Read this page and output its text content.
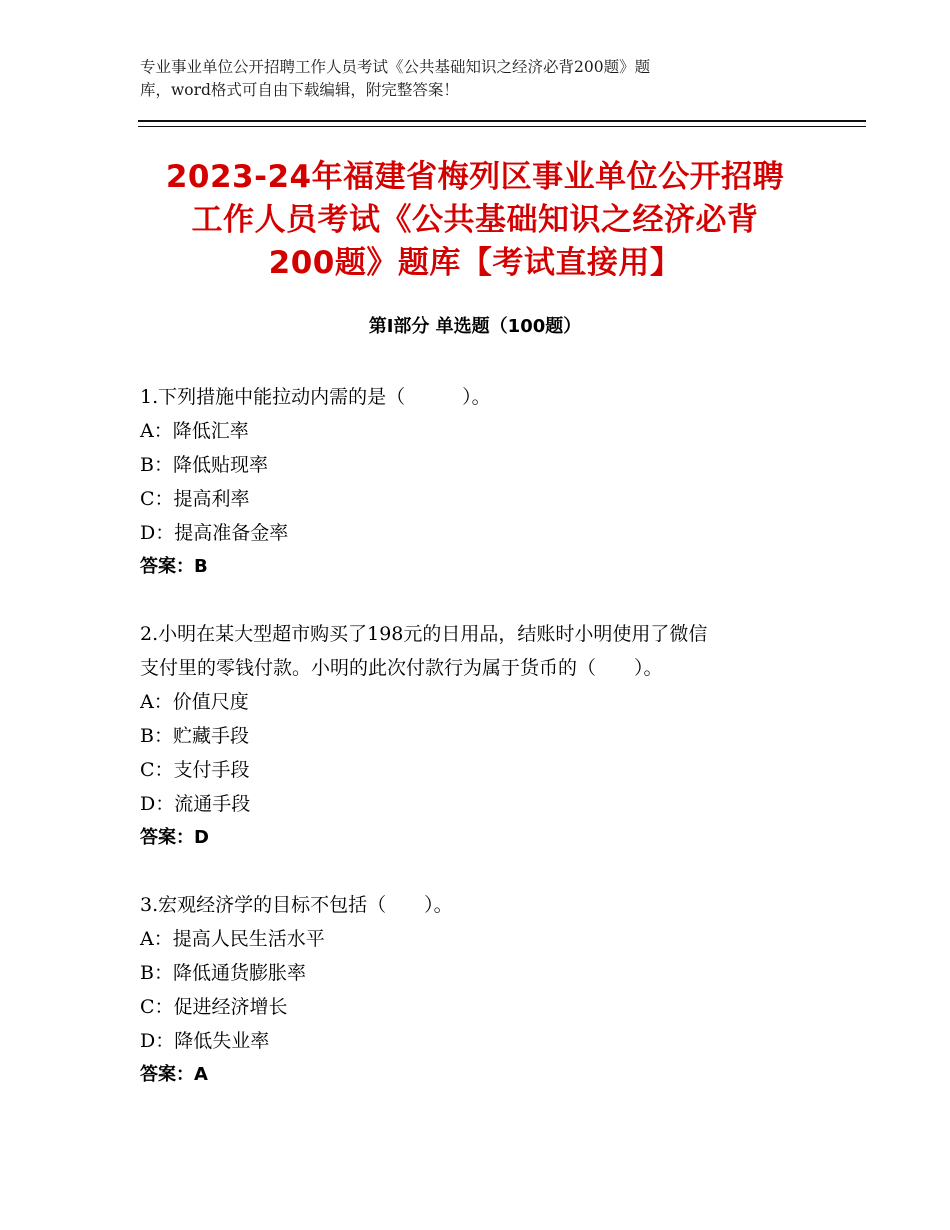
专业事业单位公开招聘工作人员考试《公共基础知识之经济必背200题》题
库，word格式可自由下载编辑，附完整答案！
2023-24年福建省梅列区事业单位公开招聘
工作人员考试《公共基础知识之经济必背
200题》题库【考试直接用】
第Ⅰ部分 单选题（100题）

1.下列措施中能拉动内需的是（　　　）。

A：降低汇率

B：降低贴现率

C：提高利率

D：提高准备金率

答案：B

2.小明在某大型超市购买了198元的日用品，结账时小明使用了微信

支付里的零钱付款。小明的此次付款行为属于货币的（　　）。

A：价值尺度

B：贮藏手段

C：支付手段

D：流通手段

答案：D

3.宏观经济学的目标不包括（　　）。

A：提高人民生活水平

B：降低通货膨胀率

C：促进经济增长

D：降低失业率

答案：A
